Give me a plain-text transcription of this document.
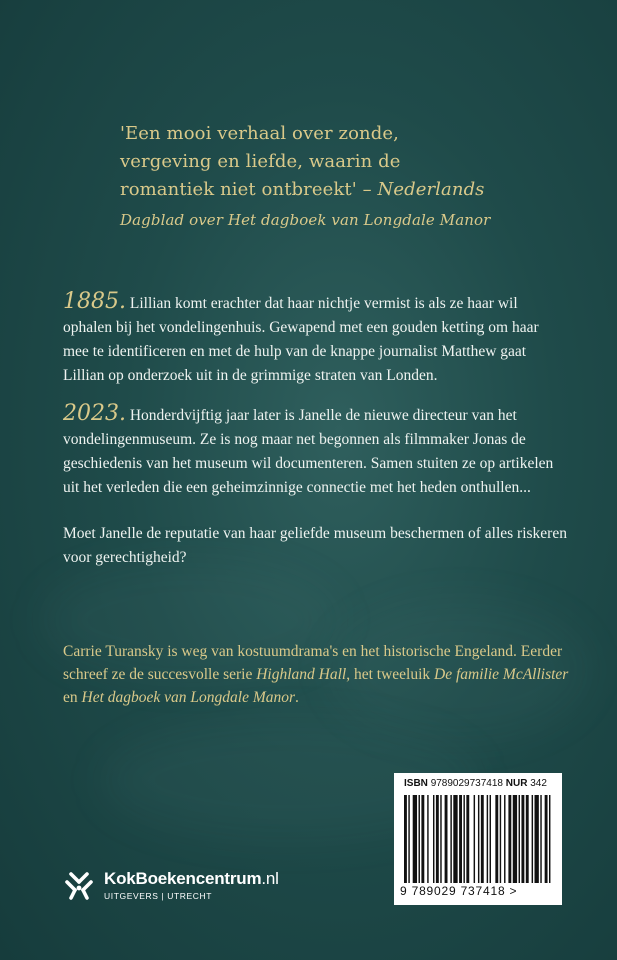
'Een mooi verhaal over zonde,
vergeving en liefde, waarin de
romantiek niet ontbreekt' – Nederlands
Dagblad over Het dagboek van Longdale Manor

1885. Lillian komt erachter dat haar nichtje vermist is als ze haar wil ophalen bij het vondelingenhuis. Gewapend met een gouden ketting om haar mee te identificeren en met de hulp van de knappe journalist Matthew gaat Lillian op onderzoek uit in de grimmige straten van Londen.

2023. Honderdvijftig jaar later is Janelle de nieuwe directeur van het vondelingenmuseum. Ze is nog maar net begonnen als filmmaker Jonas de geschiedenis van het museum wil documenteren. Samen stuiten ze op artikelen uit het verleden die een geheimzinnige connectie met het heden onthullen...

Moet Janelle de reputatie van haar geliefde museum beschermen of alles riskeren voor gerechtigheid?

Carrie Turansky is weg van kostuumdrama's en het historische Engeland. Eerder schreef ze de succesvolle serie Highland Hall, het tweeluik De familie McAllister en Het dagboek van Longdale Manor.
ISBN 9789029737418 NUR 342
9 789029 737418 >
KokBoekencentrum.nl
UITGEVERS | UTRECHT
